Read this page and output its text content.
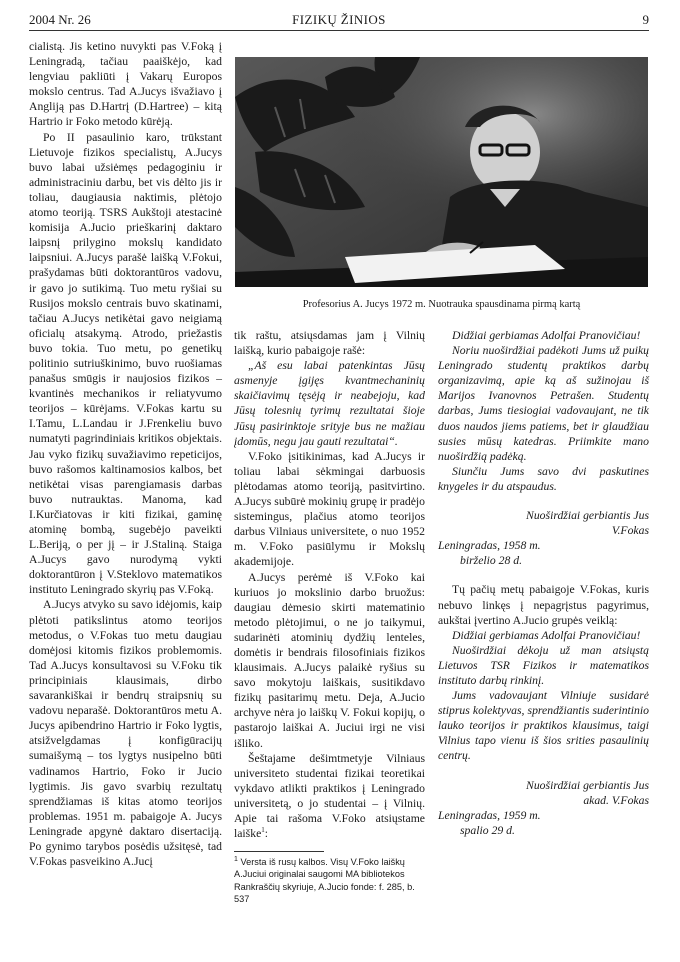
2004 Nr. 26	FIZIKŲ ŽINIOS	9

cialistą. Jis ketino nuvykti pas V.Foką į Leningradą, tačiau paaiškėjo, kad lengviau pakliūti į Vakarų Europos mokslo centrus. Tad A.Jucys išvažiavo į Angliją pas D.Hartrį (D.Hartree) – kitą Hartrio ir Foko metodo kūrėją.

Po II pasaulinio karo, trūkstant Lietuvoje fizikos specialistų, A.Jucys buvo labai užsiėmęs pedagoginiu ir administraciniu darbu, bet vis dėlto jis ir toliau, daugiausia naktimis, plėtojo atomo teoriją. TSRS Aukštoji atestacinė komisija A.Jucio prieškarinį daktaro laipsnį prilygino mokslų kandidato laipsniui. A.Jucys parašė laišką V.Fokui, prašydamas būti doktorantūros vadovu, ir gavo jo sutikimą. Tuo metu ryšiai su Rusijos mokslo centrais buvo skatinami, tačiau A.Jucys netikėtai gavo neigiamą oficialų atsakymą. Atrodo, priežastis buvo tokia. Tuo metu, po genetikų politinio sutriuškinimo, buvo ruošiamas panašus smūgis ir naujosios fizikos – kvantinės mechanikos ir reliatyvumo teorijos – kūrėjams. V.Fokas kartu su I.Tamu, L.Landau ir J.Frenkeliu buvo numatyti pagrindiniais kritikos objektais. Jau vyko fizikų suvažiavimo repeticijos, buvo rašomos kaltinamosios kalbos, bet netikėtai visas parengiamasis darbas buvo nutrauktas. Manoma, kad I.Kurčiatovas ir kiti fizikai, gaminę atominę bombą, sugebėjo paveikti L.Beriją, o per jį – ir J.Staliną. Staiga A.Jucys gavo nurodymą vykti doktorantūron į V.Steklovo matematikos instituto Leningrado skyrių pas V.Foką.

A.Jucys atvyko su savo idėjomis, kaip plėtoti patikslintus atomo teorijos metodus, o V.Fokas tuo metu daugiau domėjosi kitomis fizikos problemomis. Tad A.Jucys konsultavosi su V.Foku tik principiniais klausimais, dirbo savarankiškai ir bendrų straipsnių su vadovu neparašė. Doktorantūros metu A. Jucys apibendrino Hartrio ir Foko lygtis, atsižvelgdamas į konfigūracijų sumaišymą – tos lygtys nusipelno būti vadinamos Hartrio, Foko ir Jucio lygtimis. Jis gavo svarbių rezultatų sprendžiamas iš kitas atomo teorijos problemas. 1951 m. pabaigoje A. Jucys Leningrade apgynė daktaro disertaciją. Po gynimo tarybos posėdis užsitęsė, tad V.Fokas pasveikino A.Jucį

Profesorius A. Jucys 1972 m. Nuotrauka spausdinama pirmą kartą

tik raštu, atsiųsdamas jam į Vilnių laišką, kurio pabaigoje rašė:

„Aš esu labai patenkintas Jūsų asmenyje įgijęs kvantmechaninių skaičiavimų tęsėją ir neabejoju, kad Jūsų tolesnių tyrimų rezultatai šioje Jūsų pasirinktoje srityje bus ne mažiau įdomūs, negu jau gauti rezultatai“.

V.Foko įsitikinimas, kad A.Jucys ir toliau labai sėkmingai darbuosis plėtodamas atomo teoriją, pasitvirtino. A.Jucys subūrė mokinių grupę ir pradėjo sistemingus, plačius atomo teorijos darbus Vilniaus universitete, o nuo 1952 m. V.Foko pasiūlymu ir Mokslų akademijoje.

A.Jucys perėmė iš V.Foko kai kuriuos jo mokslinio darbo bruožus: daugiau dėmesio skirti matematinio metodo plėtojimui, o ne jo taikymui, sudarinėti atominių dydžių lenteles, domėtis ir bendrais filosofiniais fizikos klausimais. A.Jucys palaikė ryšius su savo mokytoju laiškais, susitikdavo fizikų pasitarimų metu. Deja, A.Jucio archyve nėra jo laiškų V. Fokui kopijų, o pastarojo laiškai A. Juciui irgi ne visi išliko.

Šeštajame dešimtmetyje Vilniaus universiteto studentai fizikai teoretikai vykdavo atlikti praktikos į Leningrado universitetą, o jo studentai – į Vilnių. Apie tai rašoma V.Foko atsiųstame laiške$^1$:

$^1$ Versta iš rusų kalbos. Visų V.Foko laiškų A.Juciui originalai saugomi MA bibliotekos Rankraščių skyriuje, A.Jucio fonde: f. 285, b. 537

Didžiai gerbiamas Adolfai Pranovičiau!

Noriu nuoširdžiai padėkoti Jums už puikų Leningrado studentų praktikos darbų organizavimą, apie ką aš sužinojau iš Marijos Ivanovnos Petrašen. Studentų darbas, Jums tiesiogiai vadovaujant, ne tik duos naudos jiems patiems, bet ir glaudžiau susies mūsų katedras. Priimkite mano nuoširdžią padėką.

Siunčiu Jums savo dvi paskutines knygeles ir du atspaudus.

Nuoširdžiai gerbiantis Jus

V.Fokas

Leningradas, 1958 m.

birželio 28 d.

Tų pačių metų pabaigoje V.Fokas, kuris nebuvo linkęs į nepagrįstus pagyrimus, aukštai įvertino A.Jucio grupės veiklą:

Didžiai gerbiamas Adolfai Pranovičiau!

Nuoširdžiai dėkoju už man atsiųstą Lietuvos TSR Fizikos ir matematikos instituto darbų rinkinį.

Jums vadovaujant Vilniuje susidarė stiprus kolektyvas, sprendžiantis suderintinio lauko teorijos ir praktikos klausimus, taigi Vilnius tapo vienu iš šios srities pasaulinių centrų.

Nuoširdžiai gerbiantis Jus

akad. V.Fokas

Leningradas, 1959 m.

spalio 29 d.
